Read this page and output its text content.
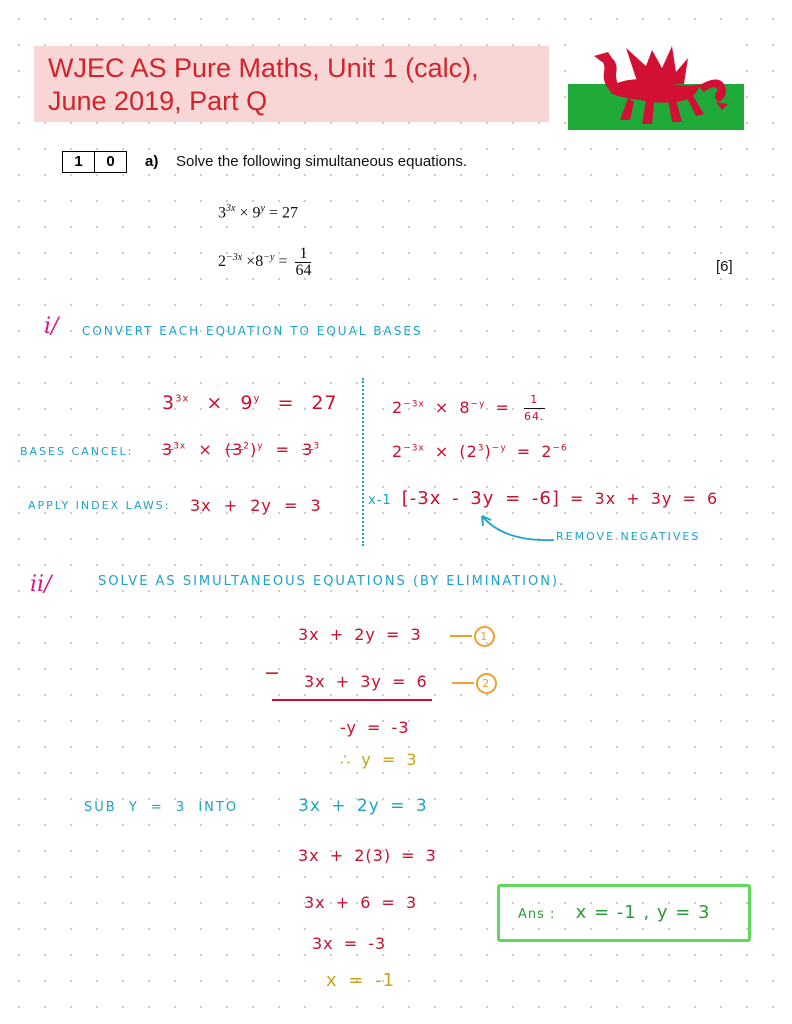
WJEC AS Pure Maths, Unit 1 (calc),
June 2019, Part Q
1	0	a) Solve the following simultaneous equations.
$3^{3x} \times 9^y = 27$
$2^{-3x} \times 8^{-y} = \frac{1}{64}$	[6]
i/ CONVERT EACH EQUATION TO EQUAL BASES
$3^{3x} \times 9^y = 27$
BASES CANCEL: $3^{3x} \times (3^2)^y = 3^3$
APPLY INDEX LAWS: 3x + 2y = 3
$2^{-3x} \times 8^{-y} = \frac{1}{64.}$
$2^{-3x} \times (2^3)^{-y} = 2^{-6}$
x-1 [-3x - 3y = -6] = 3x + 3y = 6
REMOVE NEGATIVES
ii/	SOLVE AS SIMULTANEOUS EQUATIONS (BY ELIMINATION).
3x + 2y = 3	1
− 3x + 3y = 6	2
-y = -3
∴ y = 3
SUB Y = 3 INTO	3x + 2y = 3
3x + 2(3) = 3
3x + 6 = 3
3x = -3
x = -1
Ans : x = -1 , y = 3
